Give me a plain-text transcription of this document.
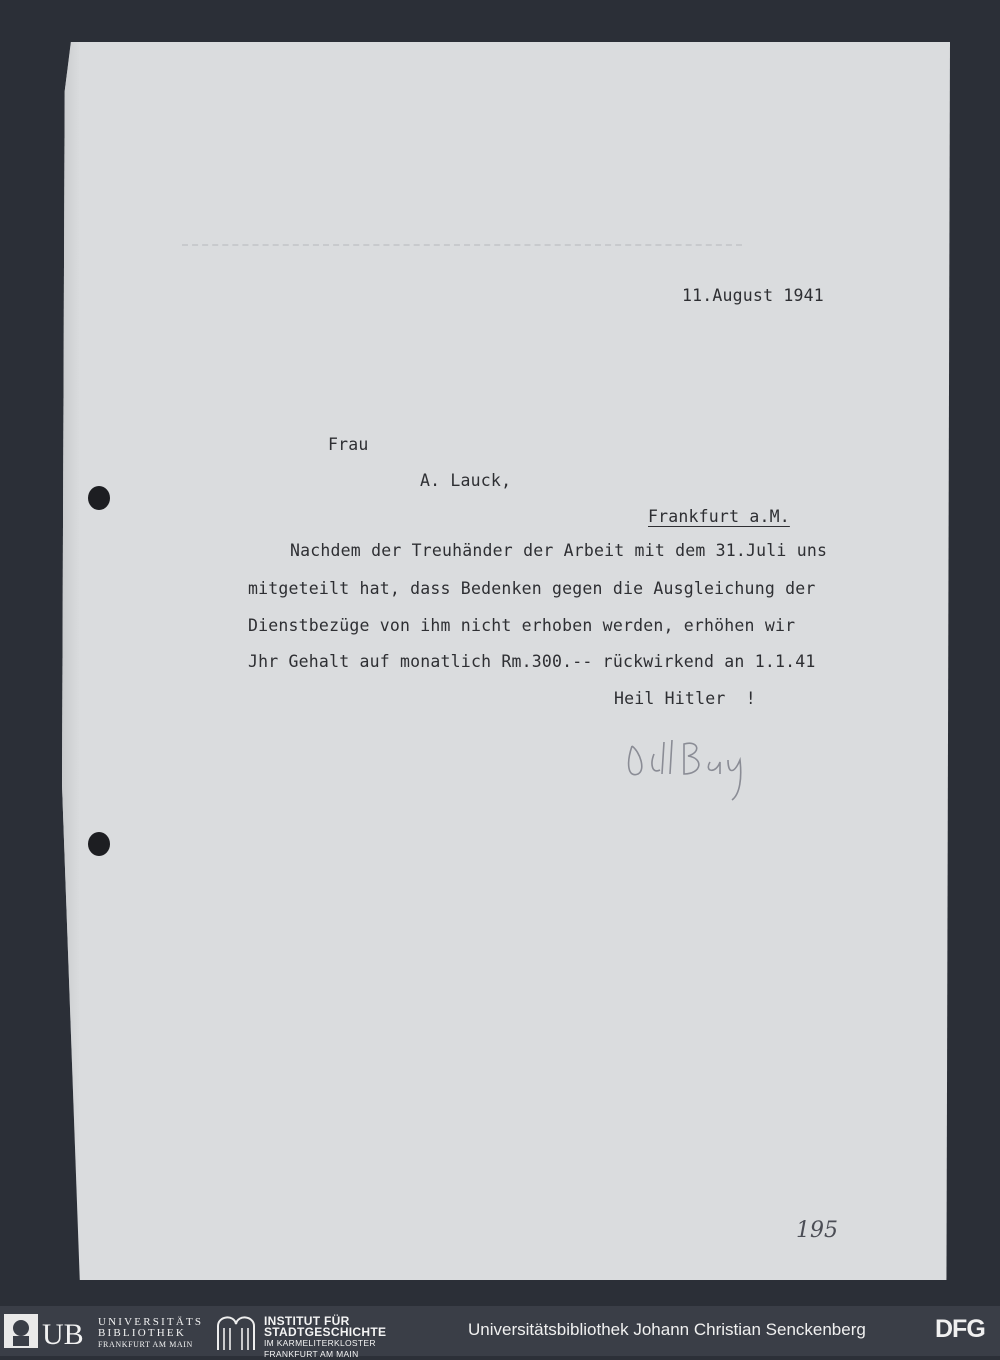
11.August 1941
Frau
A. Lauck,
Frankfurt a.M.
Nachdem der Treuhänder der Arbeit mit dem 31.Juli uns
mitgeteilt hat, dass Bedenken gegen die Ausgleichung der
Dienstbezüge von ihm nicht erhoben werden, erhöhen wir
Jhr Gehalt auf monatlich Rm.300.-- rückwirkend an 1.1.41
Heil Hitler  !
195
UB UNIVERSITÄTS
BIBLIOTHEK
FRANKFURT AM MAIN
INSTITUT FÜR
STADTGESCHICHTE
IM KARMELITERKLOSTER
FRANKFURT AM MAIN
Universitätsbibliothek Johann Christian Senckenberg	DFG
